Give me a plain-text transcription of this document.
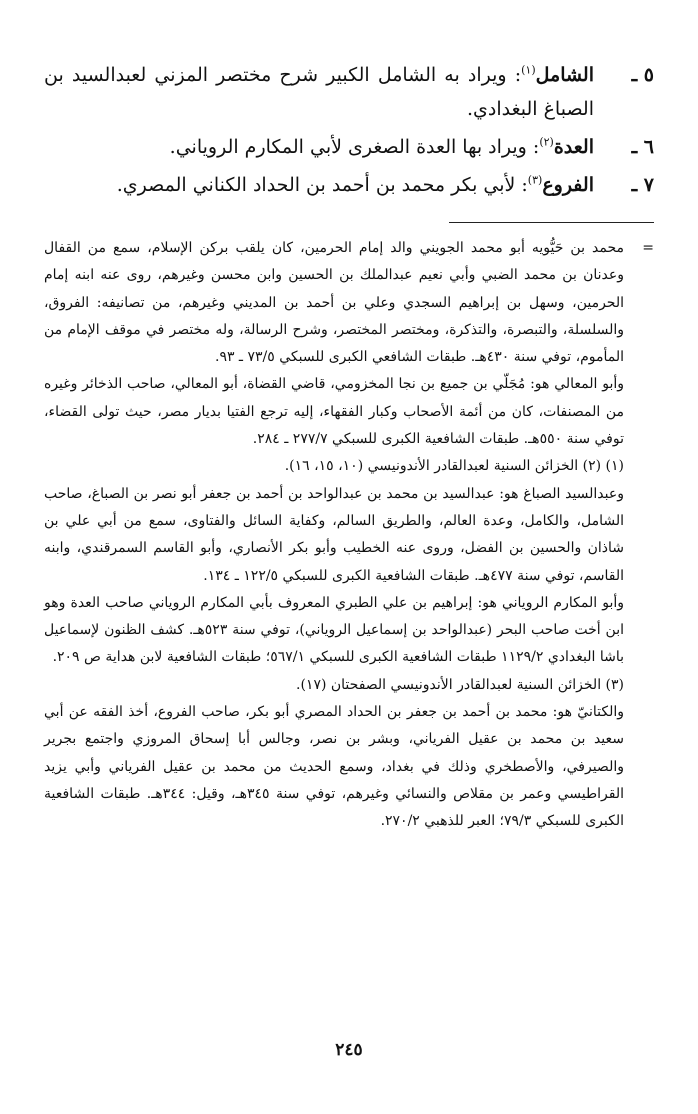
٥ ـ
الشامل$^{(١)}$: ويراد به الشامل الكبير شرح مختصر المزني لعبدالسيد بن الصباغ البغدادي.
٦ ـ
العدة$^{(٢)}$: ويراد بها العدة الصغرى لأبي المكارم الروياني.
٧ ـ
الفروع$^{(٣)}$: لأبي بكر محمد بن أحمد بن الحداد الكناني المصري.
=

محمد بن حَيُّويه أبو محمد الجويني والد إمام الحرمين، كان يلقب بركن الإسلام، سمع من القفال وعدنان بن محمد الضبي وأبي نعيم عبدالملك بن الحسين وابن محسن وغيرهم، روى عنه ابنه إمام الحرمين، وسهل بن إبراهيم السجدي وعلي بن أحمد بن المديني وغيرهم، من تصانيفه: الفروق، والسلسلة، والتبصرة، والتذكرة، ومختصر المختصر، وشرح الرسالة، وله مختصر في موقف الإمام من المأموم، توفي سنة ٤٣٠هـ. طبقات الشافعي الكبرى للسبكي ٧٣/٥ ـ ٩٣.

وأبو المعالي هو: مُجَلّي بن جميع بن نجا المخزومي، قاضي القضاة، أبو المعالي، صاحب الذخائر وغيره من المصنفات، كان من أئمة الأصحاب وكبار الفقهاء، إليه ترجع الفتيا بديار مصر، حيث تولى القضاء، توفي سنة ٥٥٠هـ. طبقات الشافعية الكبرى للسبكي ٢٧٧/٧ ـ ٢٨٤.

(١) (٢) الخزائن السنية لعبدالقادر الأندونيسي (١٠، ١٥، ١٦).

وعبدالسيد الصباغ هو: عبدالسيد بن محمد بن عبدالواحد بن أحمد بن جعفر أبو نصر بن الصباغ، صاحب الشامل، والكامل، وعدة العالم، والطريق السالم، وكفاية السائل والفتاوى، سمع من أبي علي بن شاذان والحسين بن الفضل، وروى عنه الخطيب وأبو بكر الأنصاري، وأبو القاسم السمرقندي، وابنه القاسم، توفي سنة ٤٧٧هـ. طبقات الشافعية الكبرى للسبكي ١٢٢/٥ ـ ١٣٤.

وأبو المكارم الروياني هو: إبراهيم بن علي الطبري المعروف بأبي المكارم الروياني صاحب العدة وهو ابن أخت صاحب البحر (عبدالواحد بن إسماعيل الروياني)، توفي سنة ٥٢٣هـ. كشف الظنون لإسماعيل باشا البغدادي ١١٢٩/٢ طبقات الشافعية الكبرى للسبكي ٥٦٧/١؛ طبقات الشافعية لابن هداية ص ٢٠٩.

(٣) الخزائن السنية لعبدالقادر الأندونيسي الصفحتان (١٧).

والكتانيّ هو: محمد بن أحمد بن جعفر بن الحداد المصري أبو بكر، صاحب الفروع، أخذ الفقه عن أبي سعيد بن محمد بن عقيل الفرياني، وبشر بن نصر، وجالس أبا إسحاق المروزي واجتمع بجرير والصيرفي، والأصطخري وذلك في بغداد، وسمع الحديث من محمد بن عقيل الفرياني وأبي يزيد القراطيسي وعمر بن مقلاص والنسائي وغيرهم، توفي سنة ٣٤٥هـ، وقيل: ٣٤٤هـ. طبقات الشافعية الكبرى للسبكي ٧٩/٣؛ العبر للذهبي ٢٧٠/٢.

٢٤٥
